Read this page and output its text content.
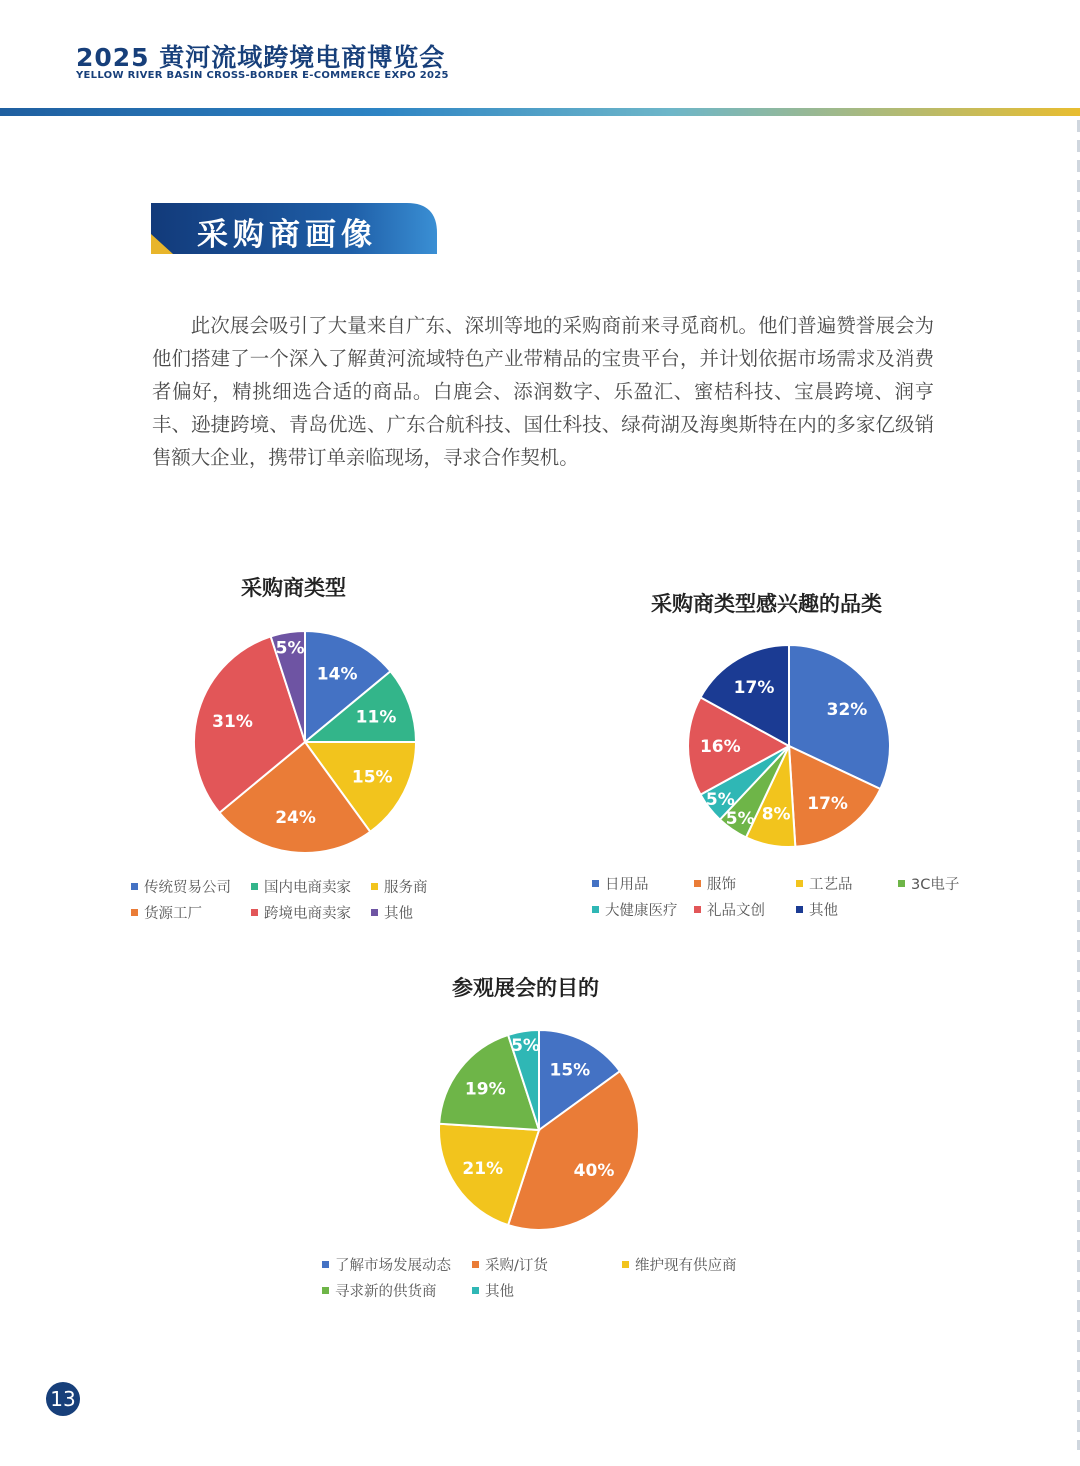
2025 黄河流域跨境电商博览会
YELLOW RIVER BASIN CROSS-BORDER E-COMMERCE EXPO 2025
采购商画像

此次展会吸引了大量来自广东、深圳等地的采购商前来寻觅商机。他们普遍赞誉展会为他们搭建了一个深入了解黄河流域特色产业带精品的宝贵平台，并计划依据市场需求及消费者偏好，精挑细选合适的商品。白鹿会、添润数字、乐盈汇、蜜桔科技、宝晨跨境、润亨丰、逊捷跨境、青岛优选、广东合航科技、国仕科技、绿荷湖及海奥斯特在内的多家亿级销售额大企业，携带订单亲临现场，寻求合作契机。

采购商类型
14%
11%
15%
24%
31%
5%
传统贸易公司	国内电商卖家	服务商
货源工厂	跨境电商卖家	其他
采购商类型感兴趣的品类
32%
17%
8%
5%
5%
16%
17%
日用品	服饰	工艺品	3C电子
大健康医疗	礼品文创	其他
参观展会的目的
15%
40%
21%
19%
5%
了解市场发展动态	采购/订货	维护现有供应商
寻求新的供货商	其他
13
